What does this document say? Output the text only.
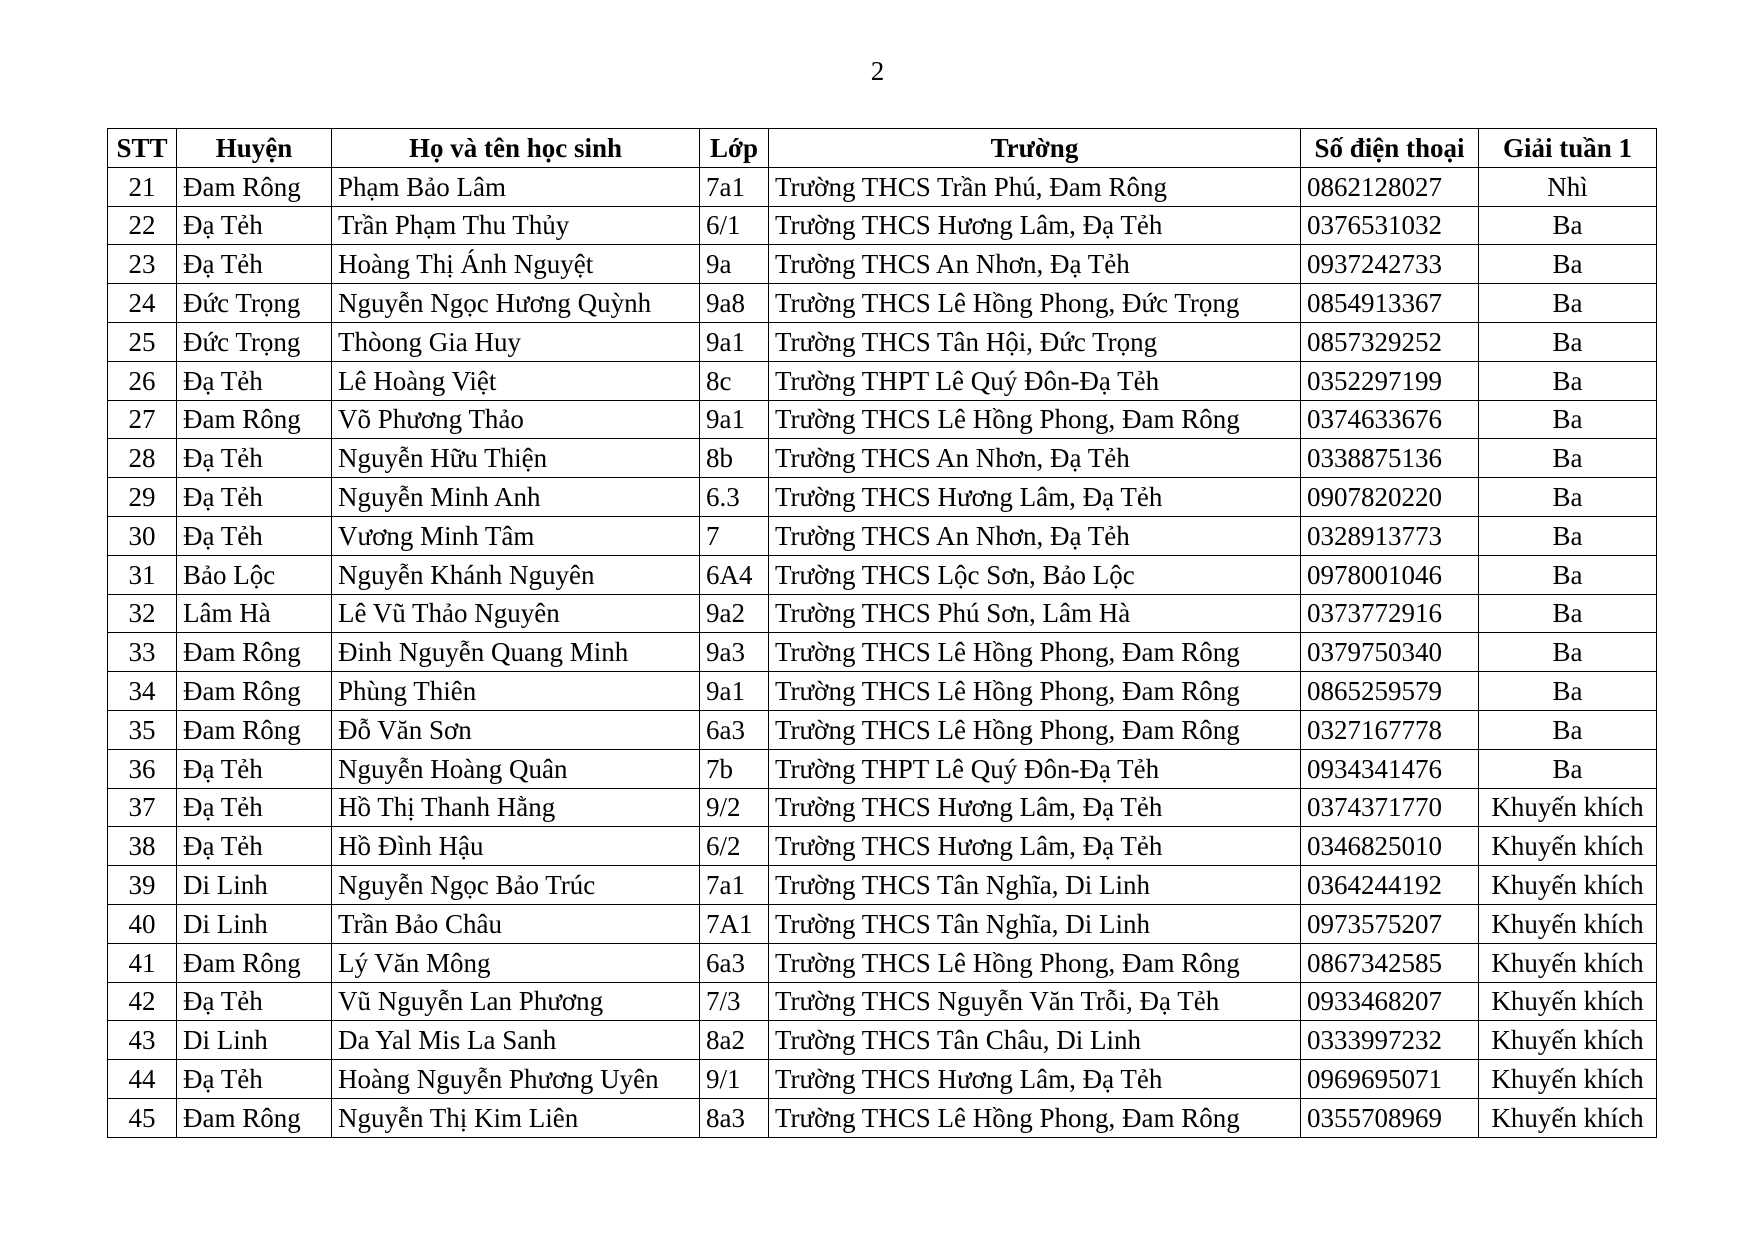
2
STT	Huyện	Họ và tên học sinh	Lớp	Trường	Số điện thoại	Giải tuần 1
21	Đam Rông	Phạm Bảo Lâm	7a1	Trường THCS Trần Phú, Đam Rông	0862128027	Nhì
22	Đạ Tẻh	Trần Phạm Thu Thủy	6/1	Trường THCS Hương Lâm, Đạ Tẻh	0376531032	Ba
23	Đạ Tẻh	Hoàng Thị Ánh Nguyệt	9a	Trường THCS An Nhơn, Đạ Tẻh	0937242733	Ba
24	Đức Trọng	Nguyễn Ngọc Hương Quỳnh	9a8	Trường THCS Lê Hồng Phong, Đức Trọng	0854913367	Ba
25	Đức Trọng	Thòong Gia Huy	9a1	Trường THCS Tân Hội, Đức Trọng	0857329252	Ba
26	Đạ Tẻh	Lê Hoàng Việt	8c	Trường THPT Lê Quý Đôn-Đạ Tẻh	0352297199	Ba
27	Đam Rông	Võ Phương Thảo	9a1	Trường THCS Lê Hồng Phong, Đam Rông	0374633676	Ba
28	Đạ Tẻh	Nguyễn Hữu Thiện	8b	Trường THCS An Nhơn, Đạ Tẻh	0338875136	Ba
29	Đạ Tẻh	Nguyễn Minh Anh	6.3	Trường THCS Hương Lâm, Đạ Tẻh	0907820220	Ba
30	Đạ Tẻh	Vương Minh Tâm	7	Trường THCS An Nhơn, Đạ Tẻh	0328913773	Ba
31	Bảo Lộc	Nguyễn Khánh Nguyên	6A4	Trường THCS Lộc Sơn, Bảo Lộc	0978001046	Ba
32	Lâm Hà	Lê Vũ Thảo Nguyên	9a2	Trường THCS Phú Sơn, Lâm Hà	0373772916	Ba
33	Đam Rông	Đinh Nguyễn Quang Minh	9a3	Trường THCS Lê Hồng Phong, Đam Rông	0379750340	Ba
34	Đam Rông	Phùng Thiên	9a1	Trường THCS Lê Hồng Phong, Đam Rông	0865259579	Ba
35	Đam Rông	Đỗ Văn Sơn	6a3	Trường THCS Lê Hồng Phong, Đam Rông	0327167778	Ba
36	Đạ Tẻh	Nguyễn Hoàng Quân	7b	Trường THPT Lê Quý Đôn-Đạ Tẻh	0934341476	Ba
37	Đạ Tẻh	Hồ Thị Thanh Hằng	9/2	Trường THCS Hương Lâm, Đạ Tẻh	0374371770	Khuyến khích
38	Đạ Tẻh	Hồ Đình Hậu	6/2	Trường THCS Hương Lâm, Đạ Tẻh	0346825010	Khuyến khích
39	Di Linh	Nguyễn Ngọc Bảo Trúc	7a1	Trường THCS Tân Nghĩa, Di Linh	0364244192	Khuyến khích
40	Di Linh	Trần Bảo Châu	7A1	Trường THCS Tân Nghĩa, Di Linh	0973575207	Khuyến khích
41	Đam Rông	Lý Văn Mông	6a3	Trường THCS Lê Hồng Phong, Đam Rông	0867342585	Khuyến khích
42	Đạ Tẻh	Vũ Nguyễn Lan Phương	7/3	Trường THCS Nguyễn Văn Trỗi, Đạ Tẻh	0933468207	Khuyến khích
43	Di Linh	Da Yal Mis La Sanh	8a2	Trường THCS Tân Châu, Di Linh	0333997232	Khuyến khích
44	Đạ Tẻh	Hoàng Nguyễn Phương Uyên	9/1	Trường THCS Hương Lâm, Đạ Tẻh	0969695071	Khuyến khích
45	Đam Rông	Nguyễn Thị Kim Liên	8a3	Trường THCS Lê Hồng Phong, Đam Rông	0355708969	Khuyến khích
